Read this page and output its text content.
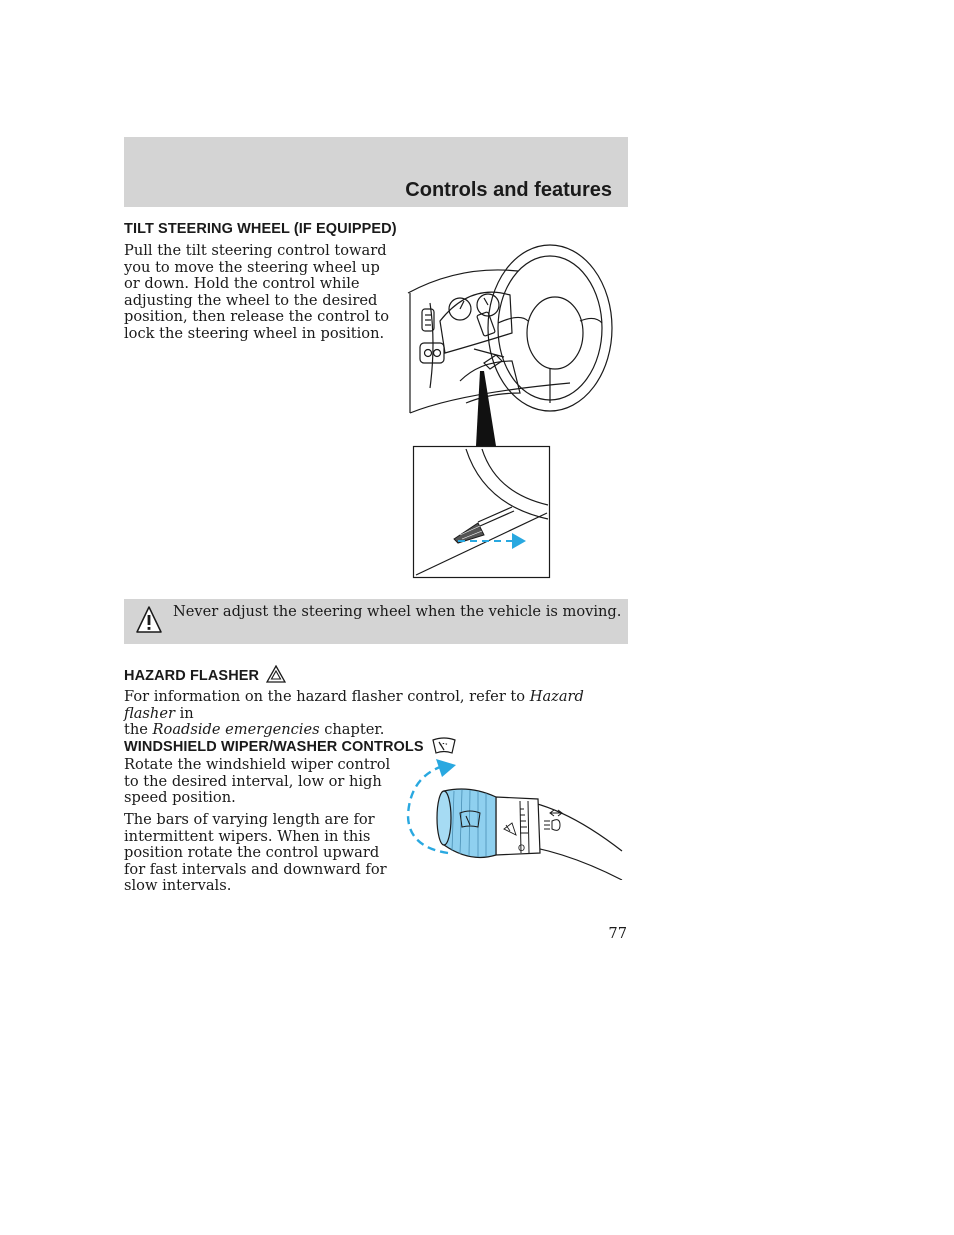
Controls and features
TILT STEERING WHEEL (IF EQUIPPED)
Pull the tilt steering control toward
you to move the steering wheel up
or down. Hold the control while
adjusting the wheel to the desired
position, then release the control to
lock the steering wheel in position.
Never adjust the steering wheel when the vehicle is moving.
HAZARD FLASHER
For information on the hazard flasher control, refer to Hazard flasher in
the Roadside emergencies chapter.
WINDSHIELD WIPER/WASHER CONTROLS
Rotate the windshield wiper control
to the desired interval, low or high
speed position.
The bars of varying length are for
intermittent wipers. When in this
position rotate the control upward
for fast intervals and downward for
slow intervals.
O
77
